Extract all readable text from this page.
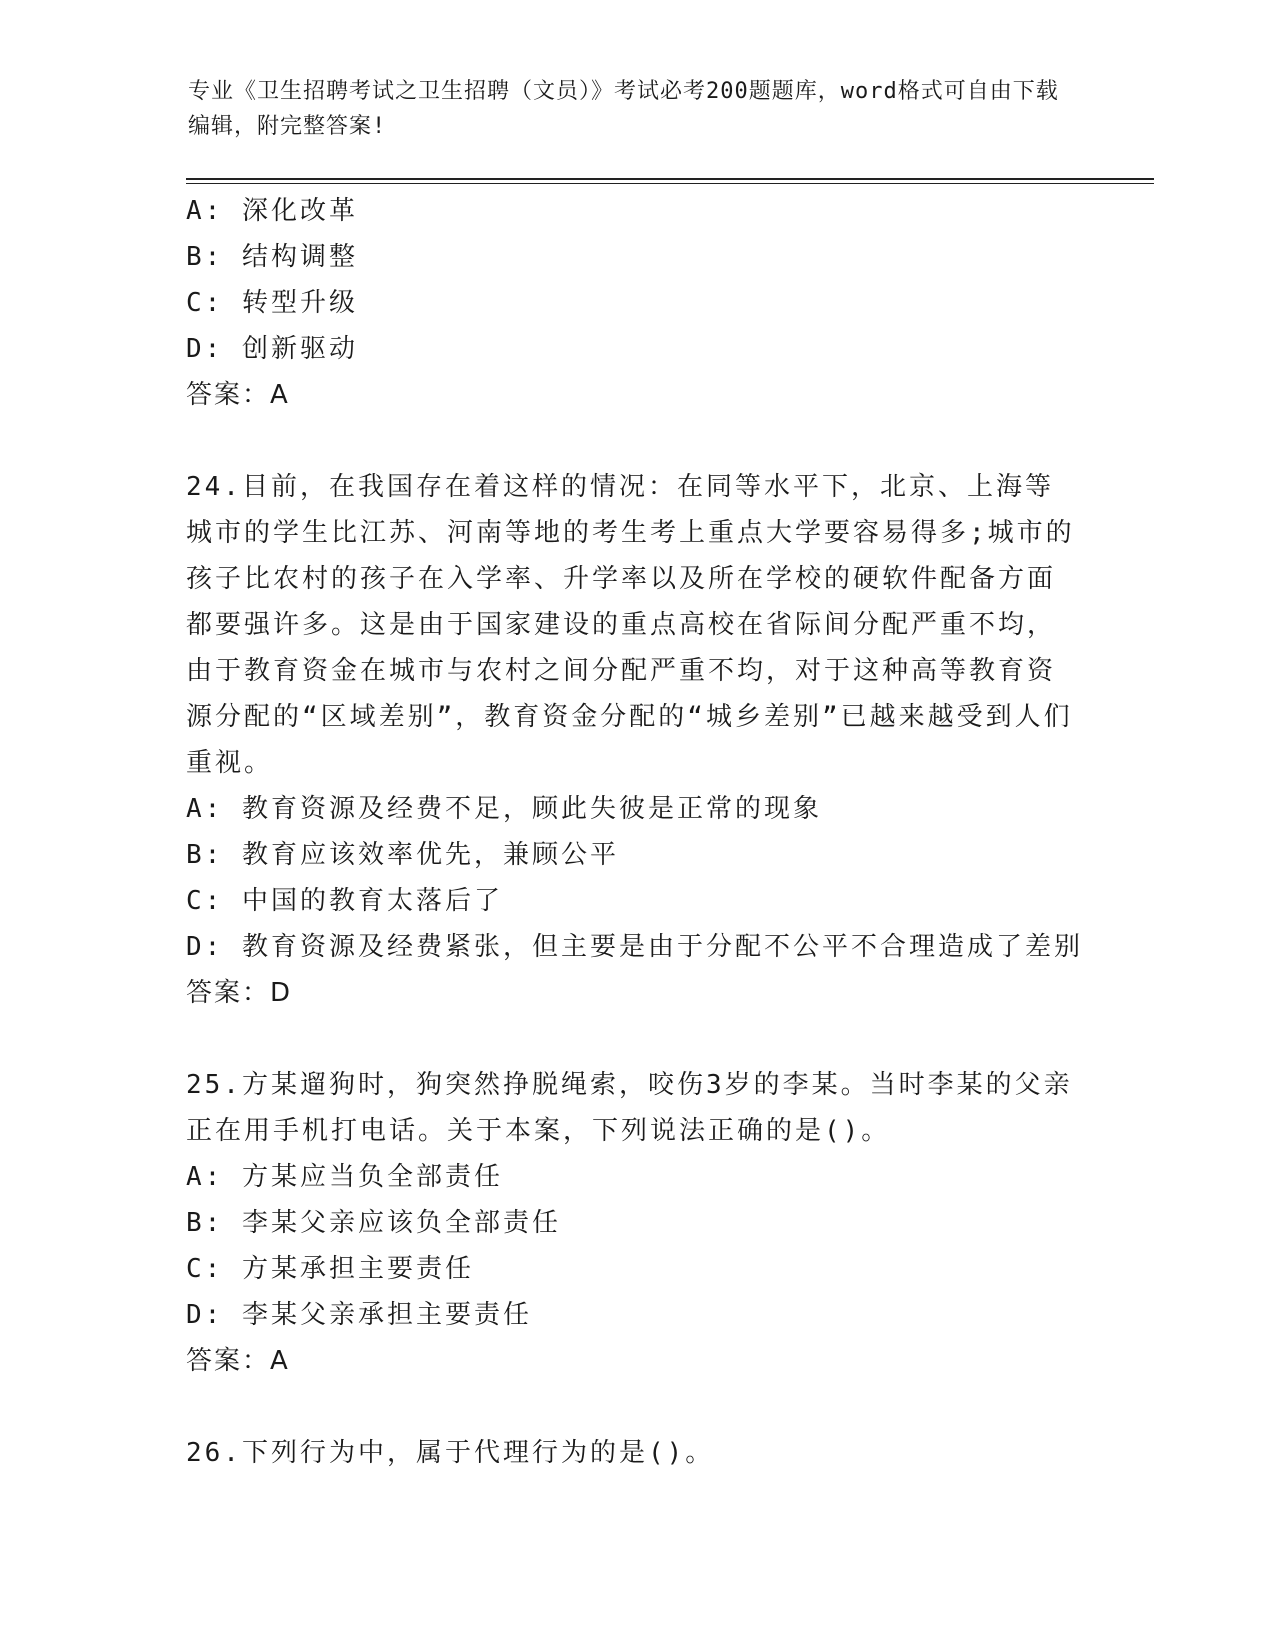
专业《卫生招聘考试之卫生招聘（文员）》考试必考200题题库，word格式可自由下载编辑，附完整答案!
A: 深化改革
B: 结构调整
C: 转型升级
D: 创新驱动
答案：A
24.目前，在我国存在着这样的情况：在同等水平下，北京、上海等城市的学生比江苏、河南等地的考生考上重点大学要容易得多;城市的孩子比农村的孩子在入学率、升学率以及所在学校的硬软件配备方面都要强许多。这是由于国家建设的重点高校在省际间分配严重不均，由于教育资金在城市与农村之间分配严重不均，对于这种高等教育资源分配的“区域差别”，教育资金分配的“城乡差别”已越来越受到人们重视。
A: 教育资源及经费不足，顾此失彼是正常的现象
B: 教育应该效率优先，兼顾公平
C: 中国的教育太落后了
D: 教育资源及经费紧张，但主要是由于分配不公平不合理造成了差别
答案：D
25.方某遛狗时，狗突然挣脱绳索，咬伤3岁的李某。当时李某的父亲正在用手机打电话。关于本案，下列说法正确的是()。
A: 方某应当负全部责任
B: 李某父亲应该负全部责任
C: 方某承担主要责任
D: 李某父亲承担主要责任
答案：A
26.下列行为中，属于代理行为的是()。
